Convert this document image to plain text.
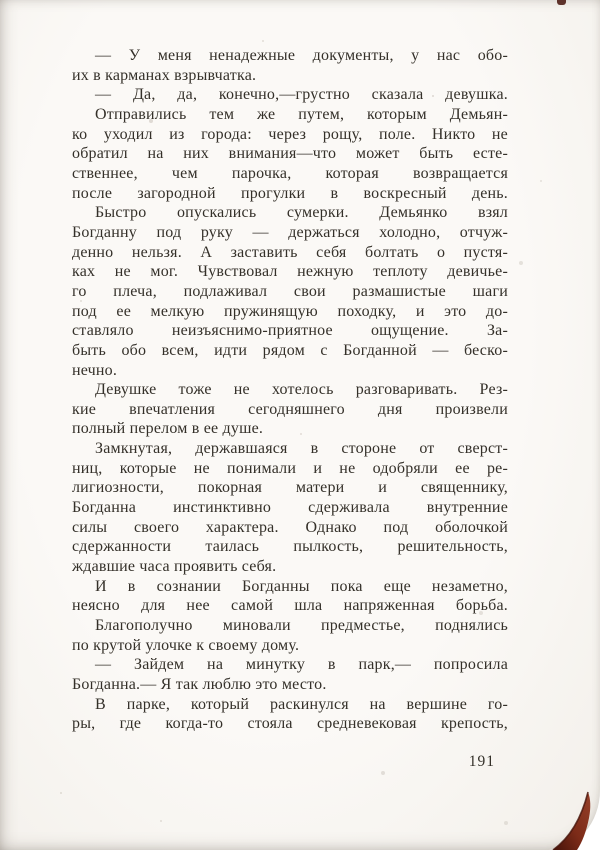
— У меня ненадежные документы, у нас обо-
их в карманах взрывчатка.
— Да, да, конечно,—грустно сказала девушка.
Отправились тем же путем, которым Демьян-
ко уходил из города: через рощу, поле. Никто не
обратил на них внимания—что может быть есте-
ственнее, чем парочка, которая возвращается
после загородной прогулки в воскресный день.
Быстро опускались сумерки. Демьянко взял
Богданну под руку — держаться холодно, отчуж-
денно нельзя. А заставить себя болтать о пустя-
ках не мог. Чувствовал нежную теплоту девичье-
го плеча, подлаживал свои размашистые шаги
под ее мелкую пружинящую походку, и это до-
ставляло неизъяснимо-приятное ощущение. За-
быть обо всем, идти рядом с Богданной — беско-
нечно.
Девушке тоже не хотелось разговаривать. Рез-
кие впечатления сегодняшнего дня произвели
полный перелом в ее душе.
Замкнутая, державшаяся в стороне от сверст-
ниц, которые не понимали и не одобряли ее ре-
лигиозности, покорная матери и священнику,
Богданна инстинктивно сдерживала внутренние
силы своего характера. Однако под оболочкой
сдержанности таилась пылкость, решительность,
ждавшие часа проявить себя.
И в сознании Богданны пока еще незаметно,
неясно для нее самой шла напряженная борьба.
Благополучно миновали предместье, поднялись
по крутой улочке к своему дому.
— Зайдем на минутку в парк,— попросила
Богданна.— Я так люблю это место.
В парке, который раскинулся на вершине го-
ры, где когда-то стояла средневековая крепость,
191
